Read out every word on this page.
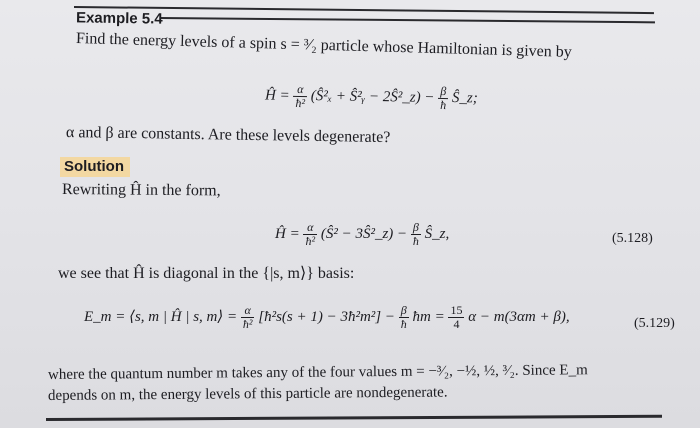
Example 5.4
Find the energy levels of a spin s = ³⁄₂ particle whose Hamiltonian is given by
Ĥ = $\frac{\alpha}{\text{ħ²}}$ (Ŝ²ₓ + Ŝ²ᵧ − 2Ŝ²_z) − $\frac{\beta}{ħ}$ Ŝ_z;
α and β are constants. Are these levels degenerate?
Solution
Rewriting Ĥ in the form,
Ĥ = $\frac{\alpha}{\text{ħ²}}$ (Ŝ² − 3Ŝ²_z) − $\frac{\beta}{ħ}$ Ŝ_z,	(5.128)
we see that Ĥ is diagonal in the {|s, m⟩} basis:
E_m = ⟨s, m | Ĥ | s, m⟩ = $\frac{\alpha}{\text{ħ²}}$ [ħ²s(s + 1) − 3ħ²m²] − $\frac{\beta}{ħ}$ ħm = $\frac{15}{4}$ α − m(3αm + β),	(5.129)
where the quantum number m takes any of the four values m = −³⁄₂, −½, ½, ³⁄₂. Since E_m
depends on m, the energy levels of this particle are nondegenerate.
